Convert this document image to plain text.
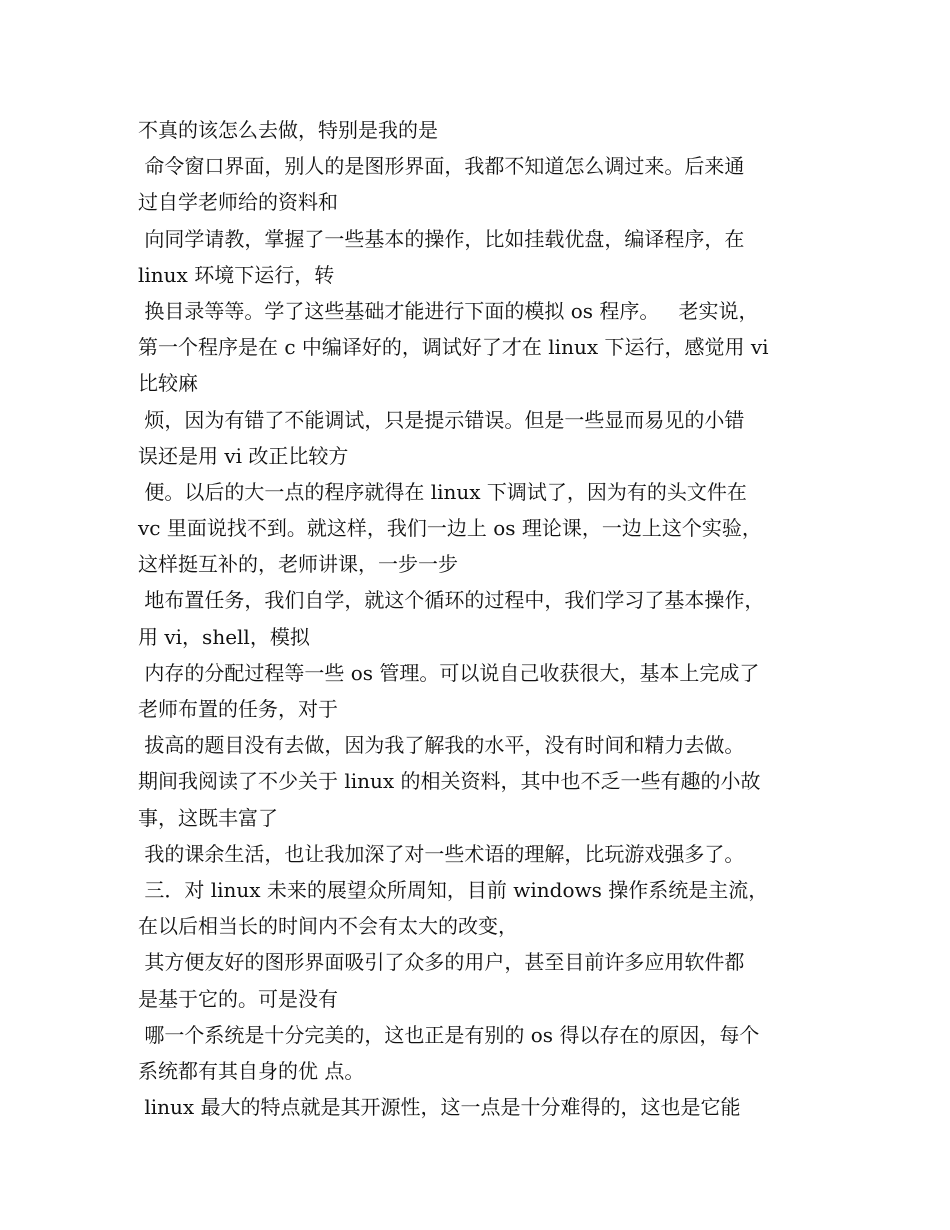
不真的该怎么去做，特别是我的是
命令窗口界面，别人的是图形界面，我都不知道怎么调过来。后来通
过自学老师给的资料和
向同学请教，掌握了一些基本的操作，比如挂载优盘，编译程序，在
linux 环境下运行，转
换目录等等。学了这些基础才能进行下面的模拟 os 程序。   老实说，
第一个程序是在 c 中编译好的，调试好了才在 linux 下运行，感觉用 vi
比较麻
烦，因为有错了不能调试，只是提示错误。但是一些显而易见的小错
误还是用 vi 改正比较方
便。以后的大一点的程序就得在 linux 下调试了，因为有的头文件在
vc 里面说找不到。就这样，我们一边上 os 理论课，一边上这个实验，
这样挺互补的，老师讲课，一步一步
地布置任务，我们自学，就这个循环的过程中，我们学习了基本操作，
用 vi，shell，模拟
内存的分配过程等一些 os 管理。可以说自己收获很大，基本上完成了
老师布置的任务，对于
拔高的题目没有去做，因为我了解我的水平，没有时间和精力去做。
期间我阅读了不少关于 linux 的相关资料，其中也不乏一些有趣的小故
事，这既丰富了
我的课余生活，也让我加深了对一些术语的理解，比玩游戏强多了。
三．对 linux 未来的展望众所周知，目前 windows 操作系统是主流，
在以后相当长的时间内不会有太大的改变，
其方便友好的图形界面吸引了众多的用户，甚至目前许多应用软件都
是基于它的。可是没有
哪一个系统是十分完美的，这也正是有别的 os 得以存在的原因，每个
系统都有其自身的优 点。
linux 最大的特点就是其开源性，这一点是十分难得的，这也是它能
